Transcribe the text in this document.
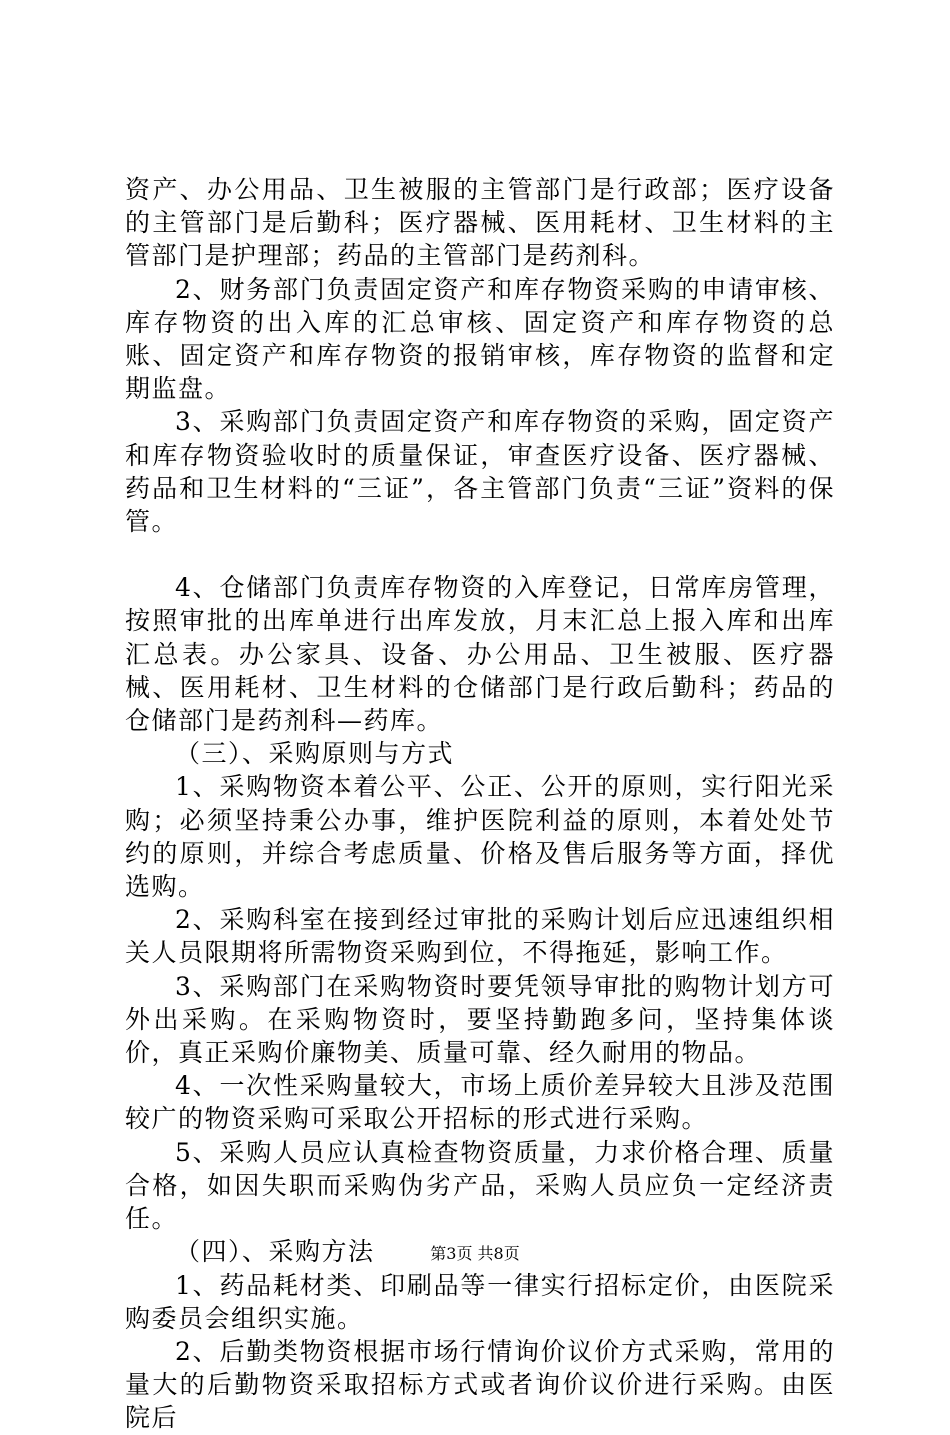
资产、办公用品、卫生被服的主管部门是行政部；医疗设备的主管部门是后勤科；医疗器械、医用耗材、卫生材料的主管部门是护理部；药品的主管部门是药剂科。

2、财务部门负责固定资产和库存物资采购的申请审核、库存物资的出入库的汇总审核、固定资产和库存物资的总账、固定资产和库存物资的报销审核，库存物资的监督和定期监盘。

3、采购部门负责固定资产和库存物资的采购，固定资产和库存物资验收时的质量保证，审查医疗设备、医疗器械、药品和卫生材料的“三证”，各主管部门负责“三证”资料的保管。

4、仓储部门负责库存物资的入库登记，日常库房管理，按照审批的出库单进行出库发放，月末汇总上报入库和出库汇总表。办公家具、设备、办公用品、卫生被服、医疗器械、医用耗材、卫生材料的仓储部门是行政后勤科；药品的仓储部门是药剂科—药库。

（三）、采购原则与方式

1、采购物资本着公平、公正、公开的原则，实行阳光采购；必须坚持秉公办事，维护医院利益的原则，本着处处节约的原则，并综合考虑质量、价格及售后服务等方面，择优选购。

2、采购科室在接到经过审批的采购计划后应迅速组织相关人员限期将所需物资采购到位，不得拖延，影响工作。

3、采购部门在采购物资时要凭领导审批的购物计划方可外出采购。在采购物资时，要坚持勤跑多问，坚持集体谈价，真正采购价廉物美、质量可靠、经久耐用的物品。

4、一次性采购量较大，市场上质价差异较大且涉及范围较广的物资采购可采取公开招标的形式进行采购。

5、采购人员应认真检查物资质量，力求价格合理、质量合格，如因失职而采购伪劣产品，采购人员应负一定经济责任。

（四）、采购方法

1、药品耗材类、印刷品等一律实行招标定价，由医院采购委员会组织实施。

2、后勤类物资根据市场行情询价议价方式采购，常用的量大的后勤物资采取招标方式或者询价议价进行采购。由医院后

第3页 共8页
